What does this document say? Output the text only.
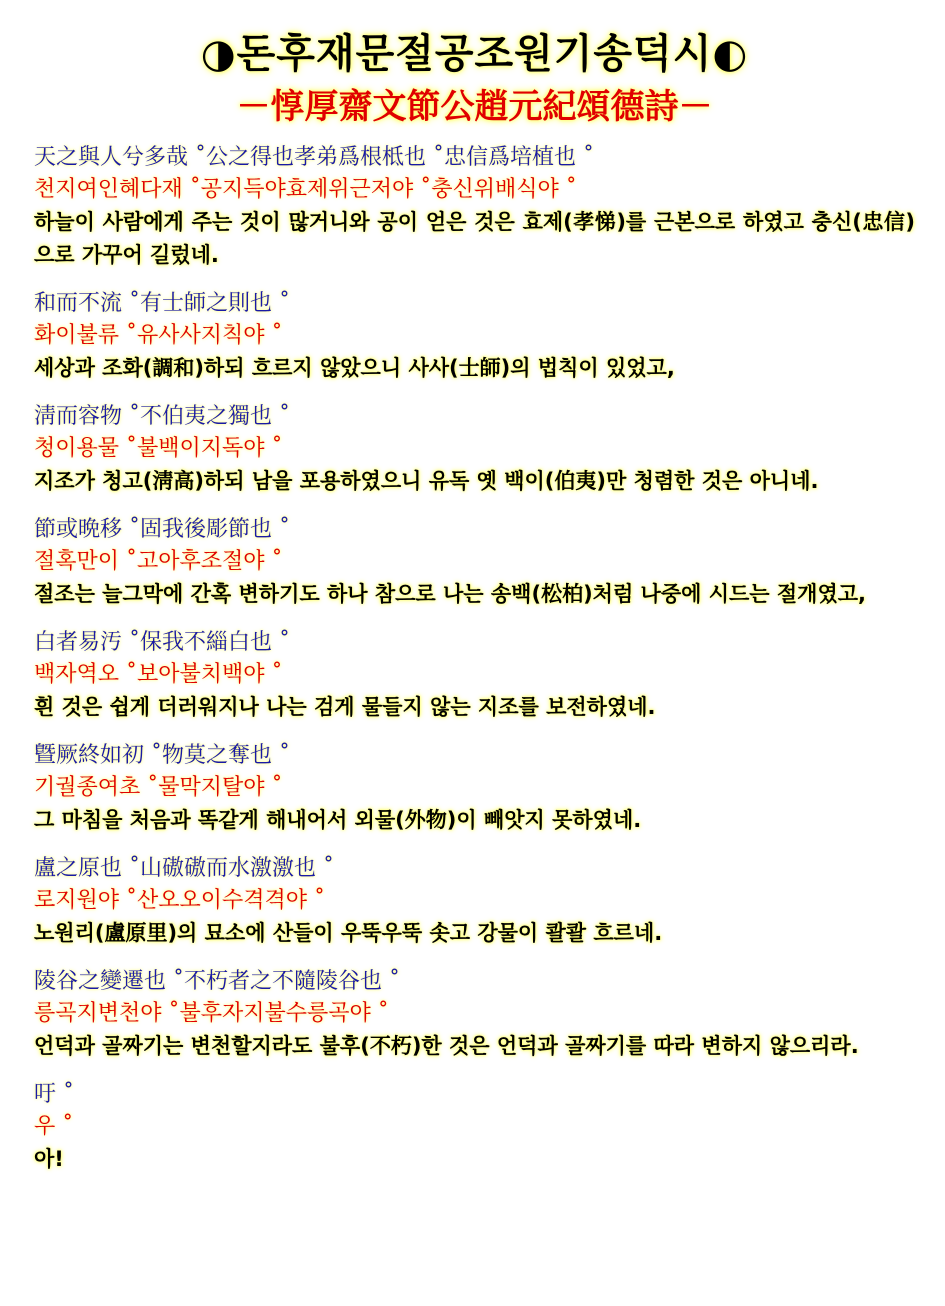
◑돈후재문절공조원기송덕시◐
－惇厚齋文節公趙元紀頌德詩－
天之與人兮多哉 ˚公之得也孝弟爲根柢也 ˚忠信爲培植也 ˚
천지여인혜다재 ˚공지득야효제위근저야 ˚충신위배식야 ˚
하늘이 사람에게 주는 것이 많거니와 공이 얻은 것은 효제(孝悌)를 근본으로 하였고 충신(忠信)으로 가꾸어 길렀네.
和而不流 ˚有士師之則也 ˚
화이불류 ˚유사사지칙야 ˚
세상과 조화(調和)하되 흐르지 않았으니 사사(士師)의 법칙이 있었고,
淸而容物 ˚不伯夷之獨也 ˚
청이용물 ˚불백이지독야 ˚
지조가 청고(淸高)하되 남을 포용하였으니 유독 옛 백이(伯夷)만 청렴한 것은 아니네.
節或晩移 ˚固我後彫節也 ˚
절혹만이 ˚고아후조절야 ˚
절조는 늘그막에 간혹 변하기도 하나 참으로 나는 송백(松柏)처럼 나중에 시드는 절개였고,
白者易汚 ˚保我不緇白也 ˚
백자역오 ˚보아불치백야 ˚
흰 것은 쉽게 더러워지나 나는 검게 물들지 않는 지조를 보전하였네.
曁厥終如初 ˚物莫之奪也 ˚
기궐종여초 ˚물막지탈야 ˚
그 마침을 처음과 똑같게 해내어서 외물(外物)이 빼앗지 못하였네.
盧之原也 ˚山磝磝而水激激也 ˚
로지원야 ˚산오오이수격격야 ˚
노원리(盧原里)의 묘소에 산들이 우뚝우뚝 솟고 강물이 콸콸 흐르네.
陵谷之變遷也 ˚不朽者之不隨陵谷也 ˚
릉곡지변천야 ˚불후자지불수릉곡야 ˚
언덕과 골짜기는 변천할지라도 불후(不朽)한 것은 언덕과 골짜기를 따라 변하지 않으리라.
吁 ˚
우 ˚
아!
